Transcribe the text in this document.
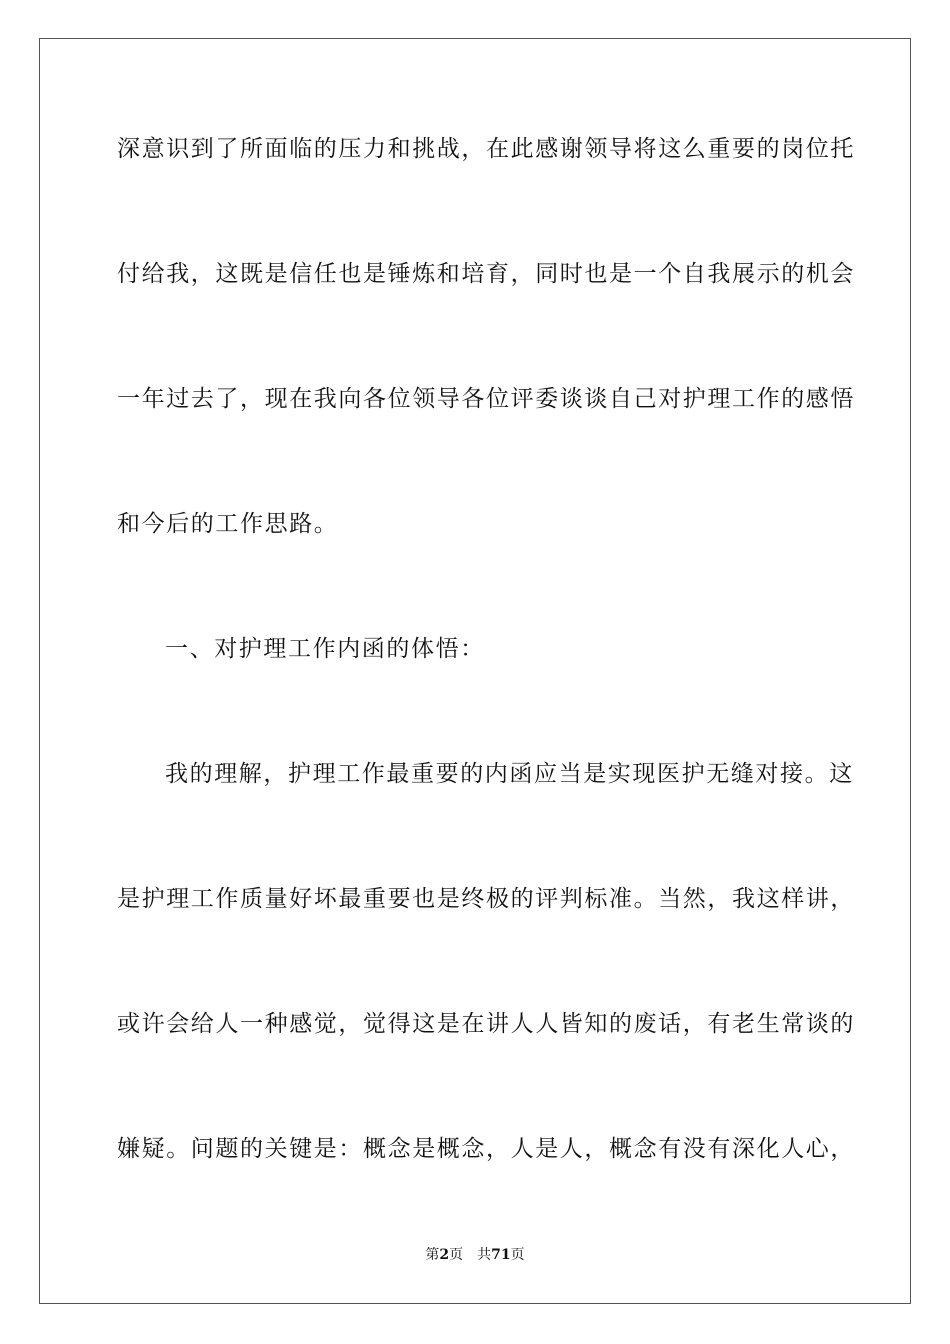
深意识到了所面临的压力和挑战，在此感谢领导将这么重要的岗位托
付给我，这既是信任也是锤炼和培育，同时也是一个自我展示的机会
一年过去了，现在我向各位领导各位评委谈谈自己对护理工作的感悟
和今后的工作思路。
一、对护理工作内函的体悟：
我的理解，护理工作最重要的内函应当是实现医护无缝对接。这
是护理工作质量好坏最重要也是终极的评判标准。当然，我这样讲，
或许会给人一种感觉，觉得这是在讲人人皆知的废话，有老生常谈的
嫌疑。问题的关键是：概念是概念，人是人，概念有没有深化人心，
第2页 共71页
